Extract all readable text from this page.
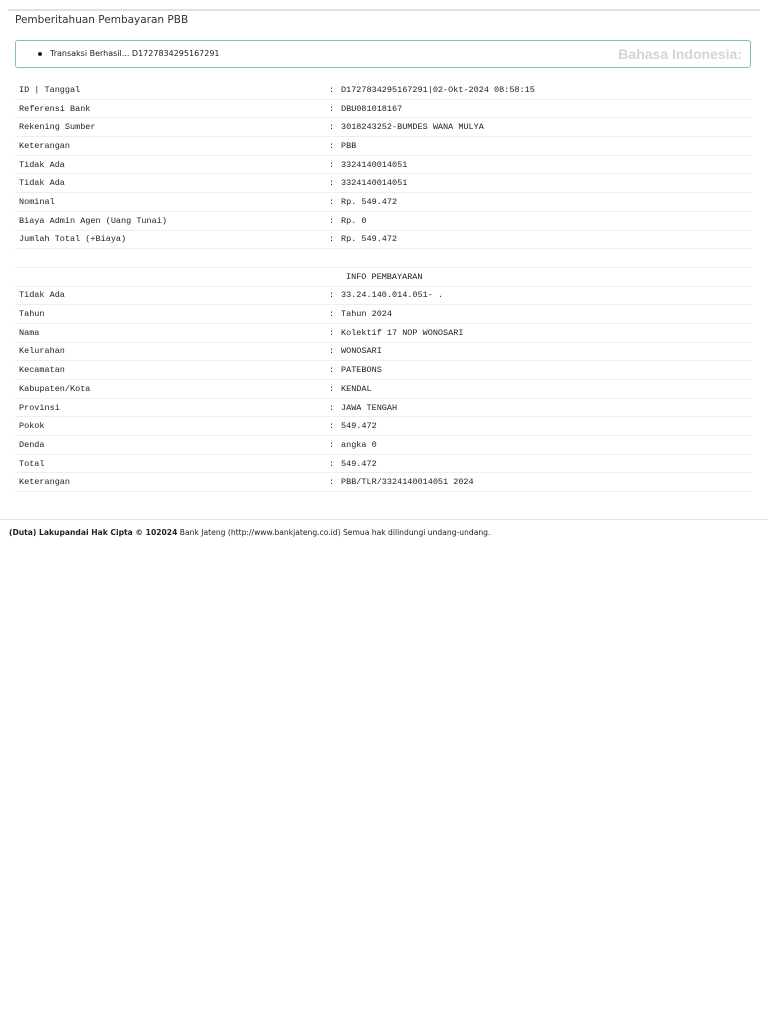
Pemberitahuan Pembayaran PBB
Transaksi Berhasil... D1727834295167291	Bahasa Indonesia:
ID | Tanggal	:	D1727834295167291|02-Okt-2024 08:58:15
Referensi Bank	:	DBU081018167
Rekening Sumber	:	3018243252-BUMDES WANA MULYA
Keterangan	:	PBB
Tidak Ada	:	3324140014051
Tidak Ada	:	3324140014051
Nominal	:	Rp. 549.472
Biaya Admin Agen (Uang Tunai)	:	Rp. 0
Jumlah Total (+Biaya)	:	Rp. 549.472

INFO PEMBAYARAN		
Tidak Ada	:	33.24.140.014.051- .
Tahun	:	Tahun 2024
Nama	:	Kolektif 17 NOP WONOSARI
Kelurahan	:	WONOSARI
Kecamatan	:	PATEBONS
Kabupaten/Kota	:	KENDAL
Provinsi	:	JAWA TENGAH
Pokok	:	549.472
Denda	:	angka 0
Total	:	549.472
Keterangan	:	PBB/TLR/3324140014051 2024
(Duta) Lakupandai Hak Cipta © 102024 Bank Jateng (http://www.bankjateng.co.id) Semua hak dilindungi undang-undang.
